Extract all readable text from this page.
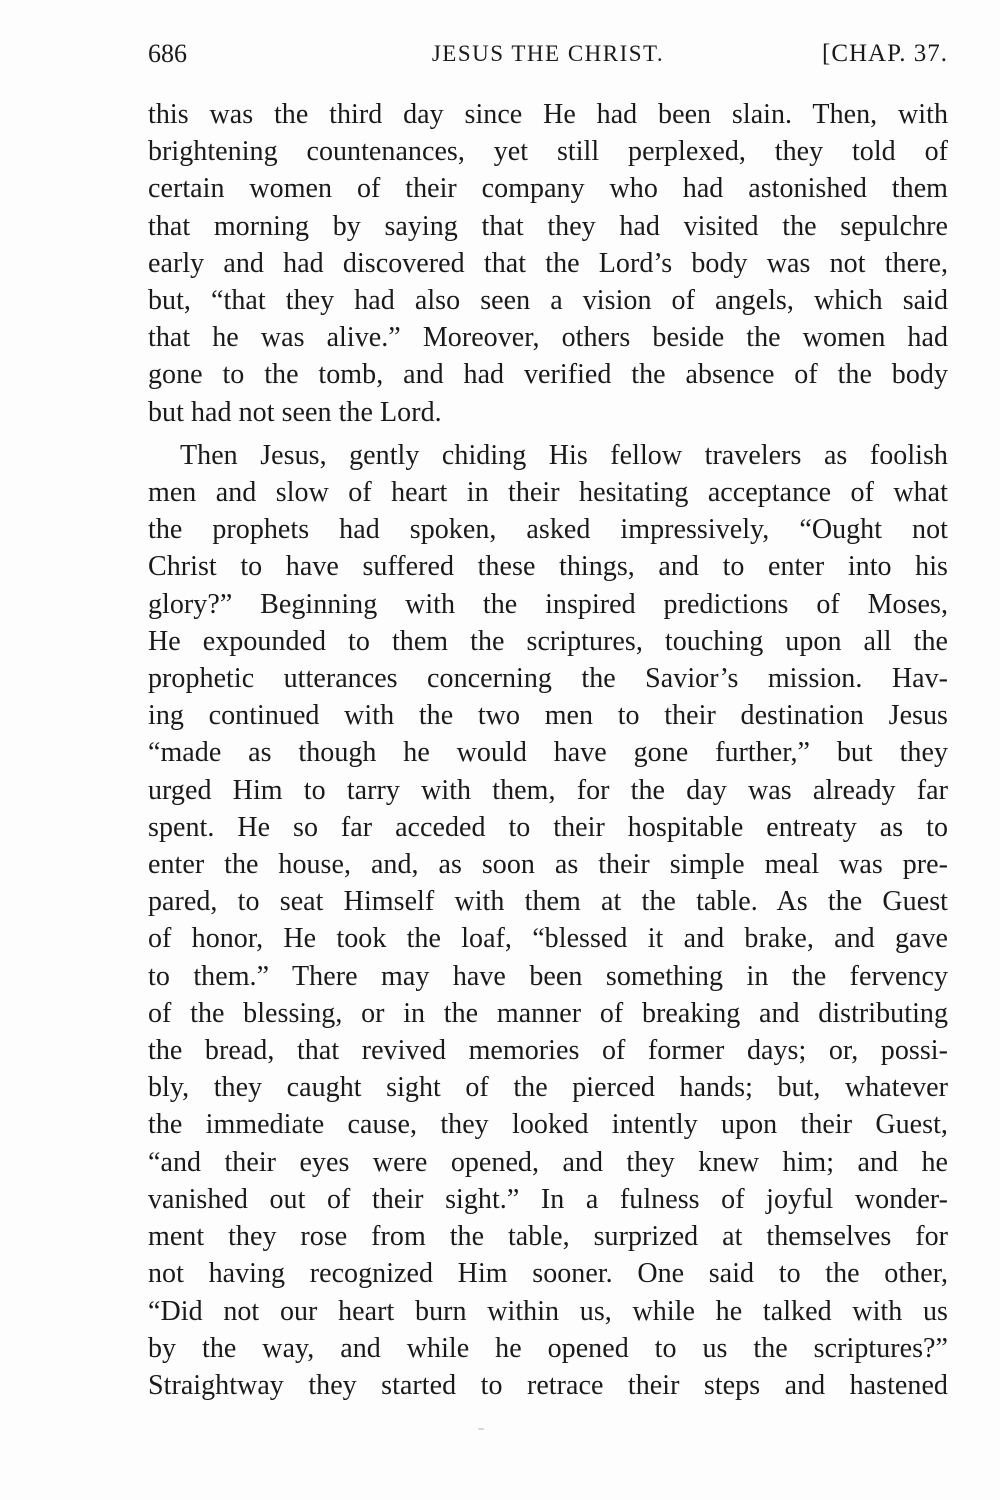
686	JESUS THE CHRIST.	[CHAP. 37.

this was the third day since He had been slain. Then, with
brightening countenances, yet still perplexed, they told of
certain women of their company who had astonished them
that morning by saying that they had visited the sepulchre
early and had discovered that the Lord’s body was not there,
but, “that they had also seen a vision of angels, which said
that he was alive.” Moreover, others beside the women had
gone to the tomb, and had verified the absence of the body
but had not seen the Lord.

Then Jesus, gently chiding His fellow travelers as foolish
men and slow of heart in their hesitating acceptance of what
the prophets had spoken, asked impressively, “Ought not
Christ to have suffered these things, and to enter into his
glory?” Beginning with the inspired predictions of Moses,
He expounded to them the scriptures, touching upon all the
prophetic utterances concerning the Savior’s mission. Hav-
ing continued with the two men to their destination Jesus
“made as though he would have gone further,” but they
urged Him to tarry with them, for the day was already far
spent. He so far acceded to their hospitable entreaty as to
enter the house, and, as soon as their simple meal was pre-
pared, to seat Himself with them at the table. As the Guest
of honor, He took the loaf, “blessed it and brake, and gave
to them.” There may have been something in the fervency
of the blessing, or in the manner of breaking and distributing
the bread, that revived memories of former days; or, possi-
bly, they caught sight of the pierced hands; but, whatever
the immediate cause, they looked intently upon their Guest,
“and their eyes were opened, and they knew him; and he
vanished out of their sight.” In a fulness of joyful wonder-
ment they rose from the table, surprized at themselves for
not having recognized Him sooner. One said to the other,
“Did not our heart burn within us, while he talked with us
by the way, and while he opened to us the scriptures?”
Straightway they started to retrace their steps and hastened
